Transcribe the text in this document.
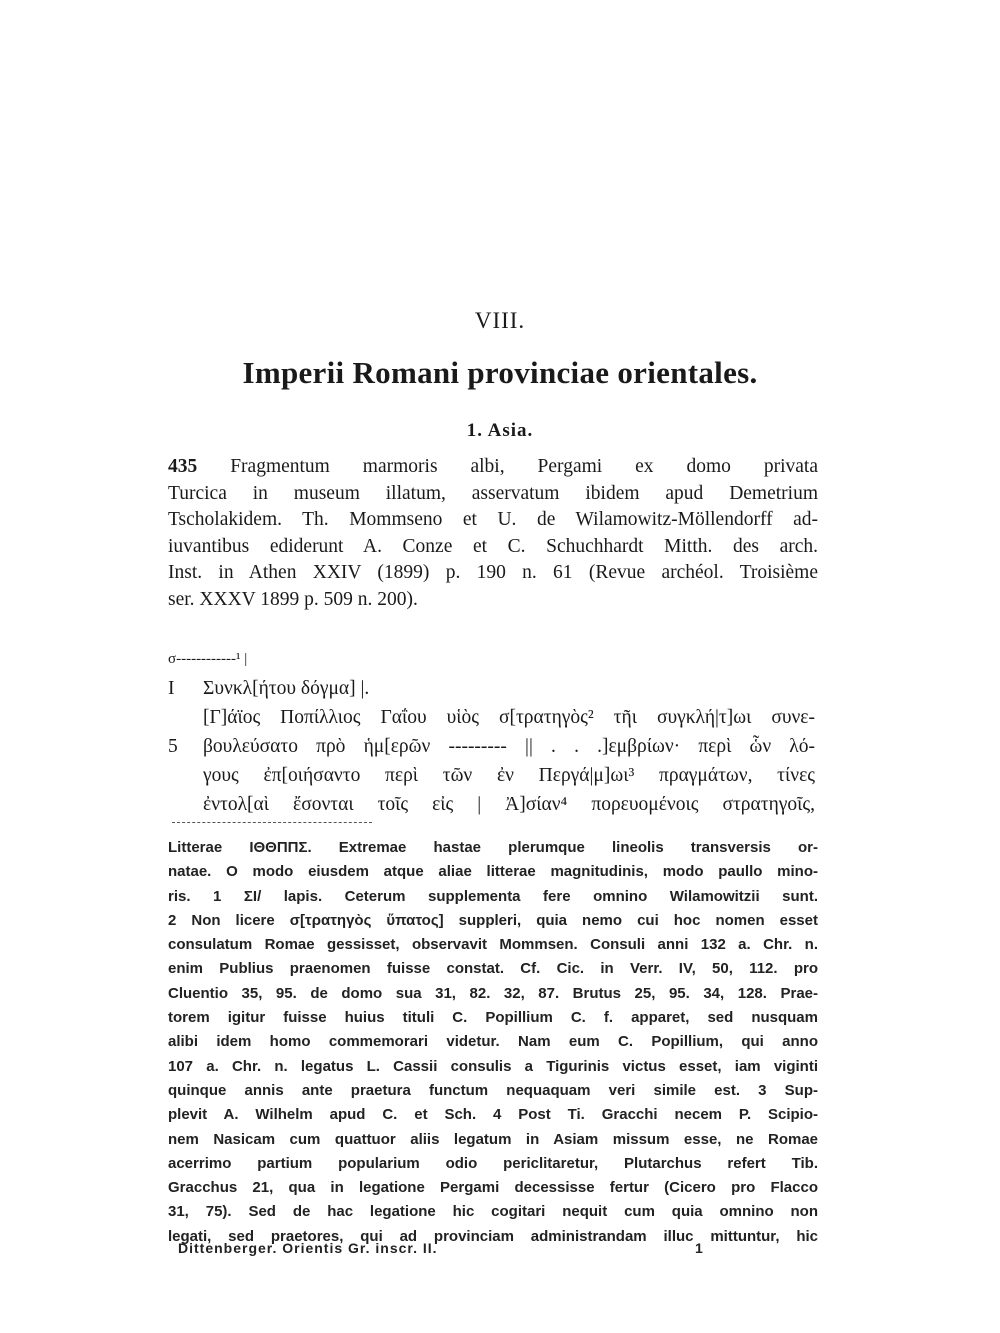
VIII.
Imperii Romani provinciae orientales.
1. Asia.
435 Fragmentum marmoris albi, Pergami ex domo privata
Turcica in museum illatum, asservatum ibidem apud Demetrium
Tscholakidem. Th. Mommseno et U. de Wilamowitz-Möllendorff ad-
iuvantibus ediderunt A. Conze et C. Schuchhardt Mitth. des arch.
Inst. in Athen XXIV (1899) p. 190 n. 61 (Revue archéol. Troisième
ser. XXXV 1899 p. 509 n. 200).
σ------------¹ |
I	Συνκλ[ήτου δόγμα] |.
[Γ]άϊος Ποπίλλιος Γαΐου υἱὸς σ[τρατηγὸς² τῆι συγκλή|τ]ωι συνε-
5	βουλεύσατο πρὸ ἡμ[ερῶν --------- || . . .]εμβρίων· περὶ ὧν λό-
γους ἐπ[οιήσαντο περὶ τῶν ἐν Περγά|μ]ωι³ πραγμάτων, τίνες
ἐντολ[αὶ ἔσονται τοῖς εἰς | Ἀ]σίαν⁴ πορευομένοις στρατηγοῖς,
Litterae ΙΘΘΠΠΣ. Extremae hastae plerumque lineolis transversis or-
natae. O modo eiusdem atque aliae litterae magnitudinis, modo paullo mino-
ris. 1 ΣΙ/ lapis. Ceterum supplementa fere omnino Wilamowitzii sunt.
2 Non licere σ[τρατηγὸς ὕπατος] suppleri, quia nemo cui hoc nomen esset
consulatum Romae gessisset, observavit Mommsen. Consuli anni 132 a. Chr. n.
enim Publius praenomen fuisse constat. Cf. Cic. in Verr. IV, 50, 112. pro
Cluentio 35, 95. de domo sua 31, 82. 32, 87. Brutus 25, 95. 34, 128. Prae-
torem igitur fuisse huius tituli C. Popillium C. f. apparet, sed nusquam
alibi idem homo commemorari videtur. Nam eum C. Popillium, qui anno
107 a. Chr. n. legatus L. Cassii consulis a Tigurinis victus esset, iam viginti
quinque annis ante praetura functum nequaquam veri simile est. 3 Sup-
plevit A. Wilhelm apud C. et Sch. 4 Post Ti. Gracchi necem P. Scipio-
nem Nasicam cum quattuor aliis legatum in Asiam missum esse, ne Romae
acerrimo partium popularium odio periclitaretur, Plutarchus refert Tib.
Gracchus 21, qua in legatione Pergami decessisse fertur (Cicero pro Flacco
31, 75). Sed de hac legatione hic cogitari nequit cum quia omnino non
legati, sed praetores, qui ad provinciam administrandam illuc mittuntur, hic
Dittenberger. Orientis Gr. inscr. II.	1
